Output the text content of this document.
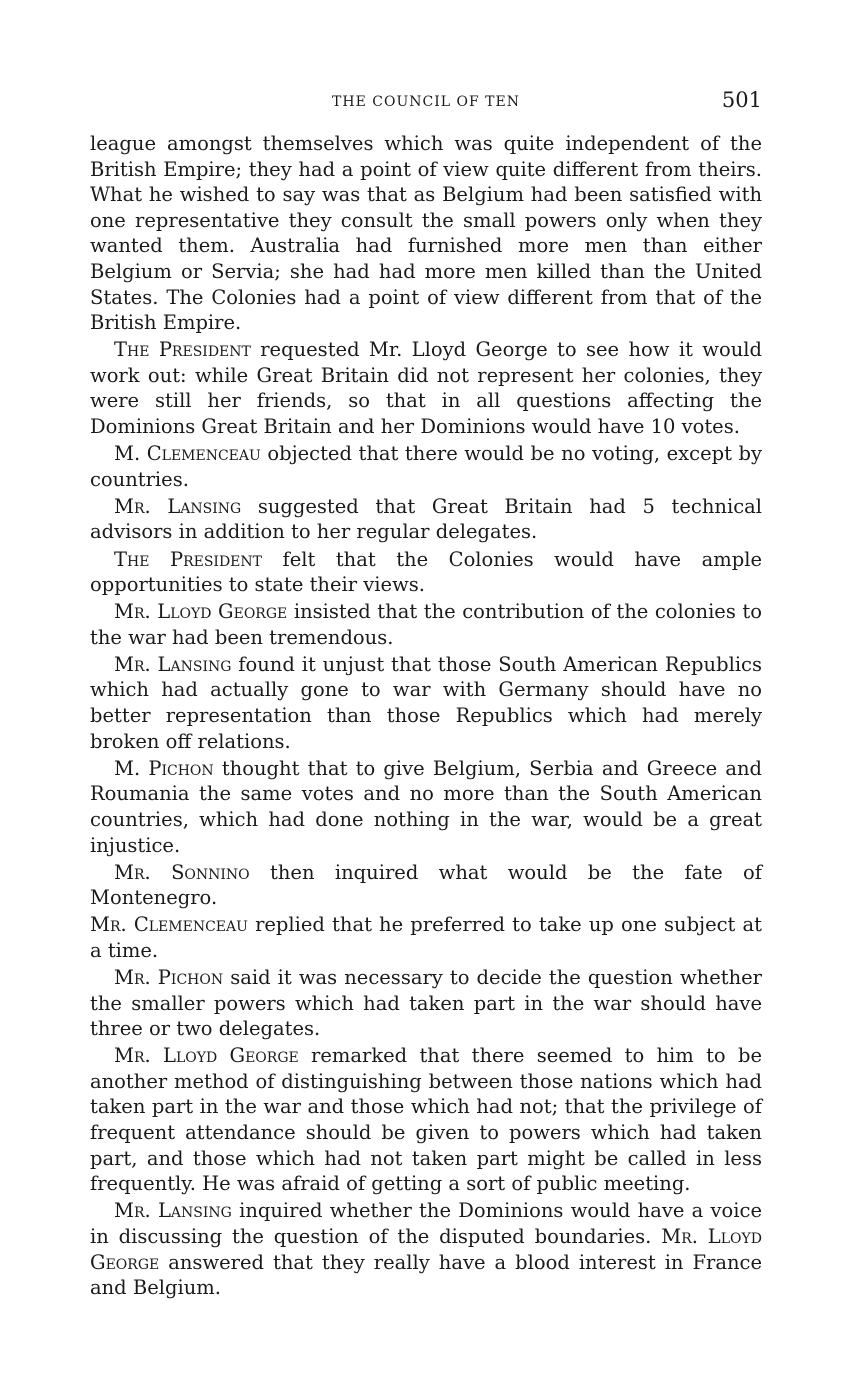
THE COUNCIL OF TEN	501

league amongst themselves which was quite independent of the British Empire; they had a point of view quite different from theirs. What he wished to say was that as Belgium had been satisfied with one representative they consult the small powers only when they wanted them. Australia had furnished more men than either Belgium or Servia; she had had more men killed than the United States. The Colonies had a point of view different from that of the British Empire.

The President requested Mr. Lloyd George to see how it would work out: while Great Britain did not represent her colonies, they were still her friends, so that in all questions affecting the Dominions Great Britain and her Dominions would have 10 votes.

M. Clemenceau objected that there would be no voting, except by countries.

Mr. Lansing suggested that Great Britain had 5 technical advisors in addition to her regular delegates.

The President felt that the Colonies would have ample opportunities to state their views.

Mr. Lloyd George insisted that the contribution of the colonies to the war had been tremendous.

Mr. Lansing found it unjust that those South American Republics which had actually gone to war with Germany should have no better representation than those Republics which had merely broken off relations.

M. Pichon thought that to give Belgium, Serbia and Greece and Roumania the same votes and no more than the South American countries, which had done nothing in the war, would be a great injustice.

Mr. Sonnino then inquired what would be the fate of Montenegro.

Mr. Clemenceau replied that he preferred to take up one subject at a time.

Mr. Pichon said it was necessary to decide the question whether the smaller powers which had taken part in the war should have three or two delegates.

Mr. Lloyd George remarked that there seemed to him to be another method of distinguishing between those nations which had taken part in the war and those which had not; that the privilege of frequent attendance should be given to powers which had taken part, and those which had not taken part might be called in less frequently. He was afraid of getting a sort of public meeting.

Mr. Lansing inquired whether the Dominions would have a voice in discussing the question of the disputed boundaries. Mr. Lloyd George answered that they really have a blood interest in France and Belgium.
